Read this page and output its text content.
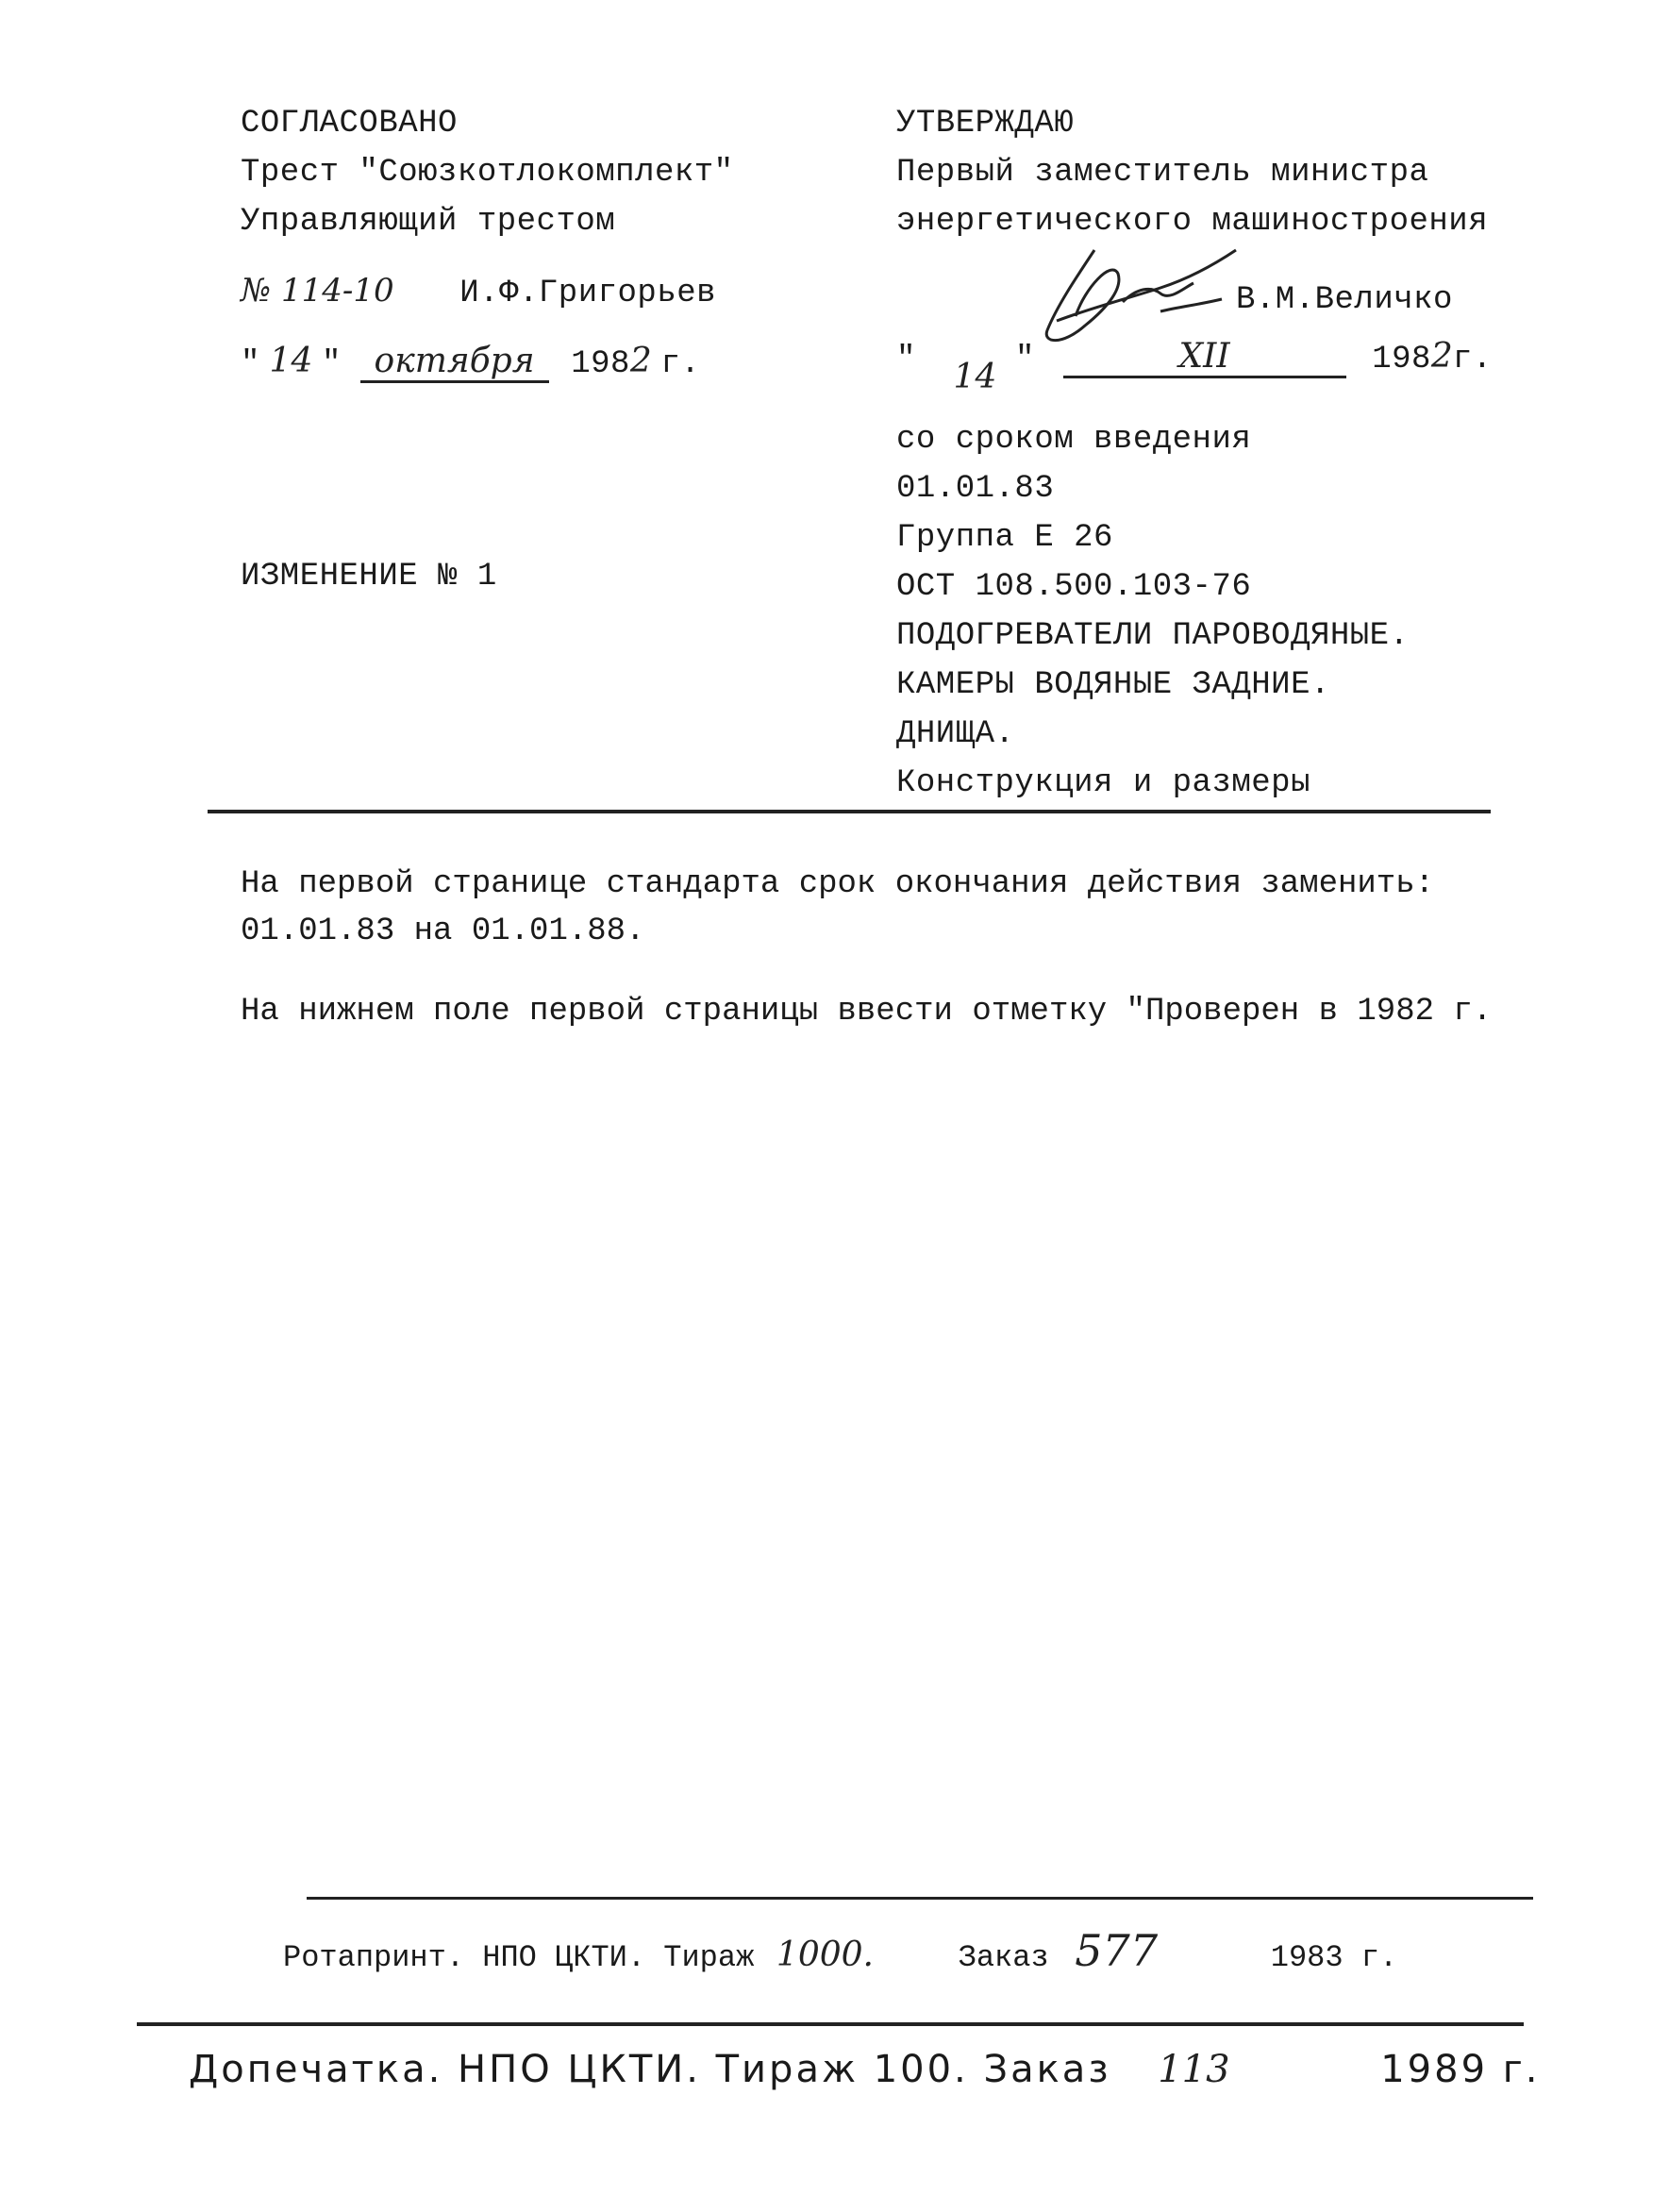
СОГЛАСОВАНО
Трест "Союзкотлокомплект"
Управляющий трестом
№ 114-10 И.Ф.Григорьев
" 14 " октября 1982 г.
ИЗМЕНЕНИЕ № 1
УТВЕРЖДАЮ
Первый заместитель министра
энергетического машиностроения
В.М.Величко
" 14 "	XII	1982г.
со сроком введения
01.01.83
Группа Е 26
ОСТ 108.500.103-76
ПОДОГРЕВАТЕЛИ ПАРОВОДЯНЫЕ.
КАМЕРЫ ВОДЯНЫЕ ЗАДНИЕ.
ДНИЩА.
Конструкция и размеры
На первой странице стандарта срок окончания действия заменить:
01.01.83 на 01.01.88.
На нижнем поле первой страницы ввести отметку "Проверен в 1982 г.
Ротапринт. НПО ЦКТИ. Тираж 1000.	Заказ 577	1983 г.
Допечатка. НПО ЦКТИ. Тираж 100. Заказ 113	1989 г.
